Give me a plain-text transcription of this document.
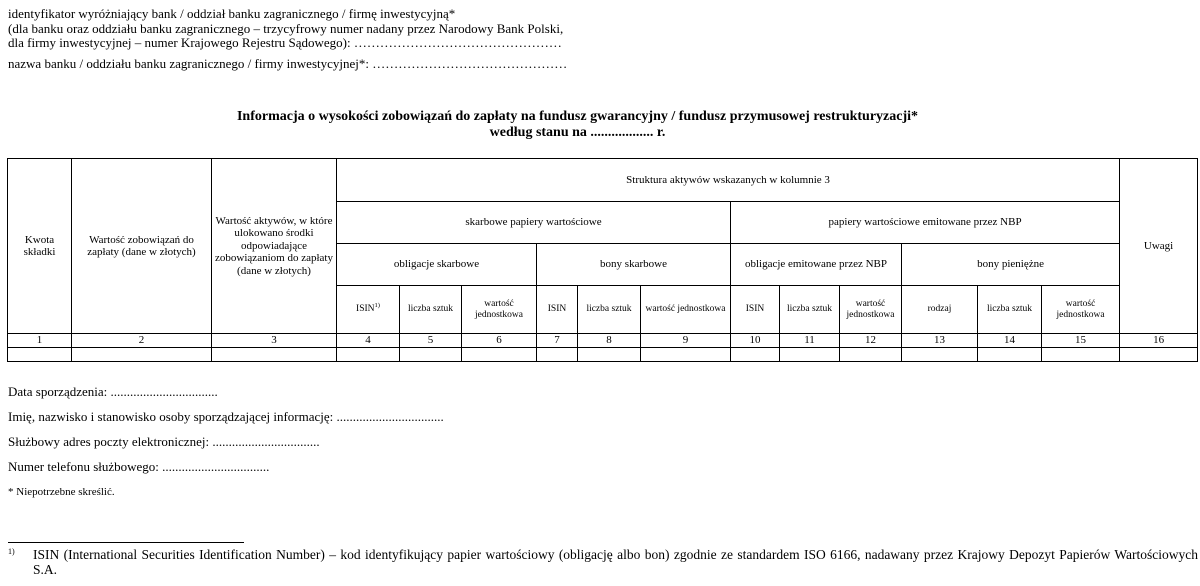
identyfikator wyróżniający bank / oddział banku zagranicznego / firmę inwestycyjną*
(dla banku oraz oddziału banku zagranicznego – trzycyfrowy numer nadany przez Narodowy Bank Polski,
dla firmy inwestycyjnej – numer Krajowego Rejestru Sądowego): …………………………………………
nazwa banku / oddziału banku zagranicznego / firmy inwestycyjnej*: ………………………………………
Informacja o wysokości zobowiązań do zapłaty na fundusz gwarancyjny / fundusz przymusowej restrukturyzacji*
według stanu na .................. r.
Kwota składki	Wartość zobowiązań do zapłaty (dane w złotych)	Wartość aktywów, w które ulokowano środki odpowiadające zobowiązaniom do zapłaty (dane w złotych)	Struktura aktywów wskazanych w kolumnie 3												Uwagi
			skarbowe papiery wartościowe						papiery wartościowe emitowane przez NBP						
			obligacje skarbowe			bony skarbowe			obligacje emitowane przez NBP			bony pieniężne			
			ISIN$^{1)}$	liczba sztuk	wartość jednostkowa	ISIN	liczba sztuk	wartość jednostkowa	ISIN	liczba sztuk	wartość jednostkowa	rodzaj	liczba sztuk	wartość jednostkowa	
1	2	3	4	5	6	7	8	9	10	11	12	13	14	15	16

Data sporządzenia: .................................
Imię, nazwisko i stanowisko osoby sporządzającej informację: .................................
Służbowy adres poczty elektronicznej: .................................
Numer telefonu służbowego: .................................
* Niepotrzebne skreślić.
1) ISIN (International Securities Identification Number) – kod identyfikujący papier wartościowy (obligację albo bon) zgodnie ze standardem ISO 6166, nadawany przez Krajowy Depozyt Papierów Wartościowych S.A.
